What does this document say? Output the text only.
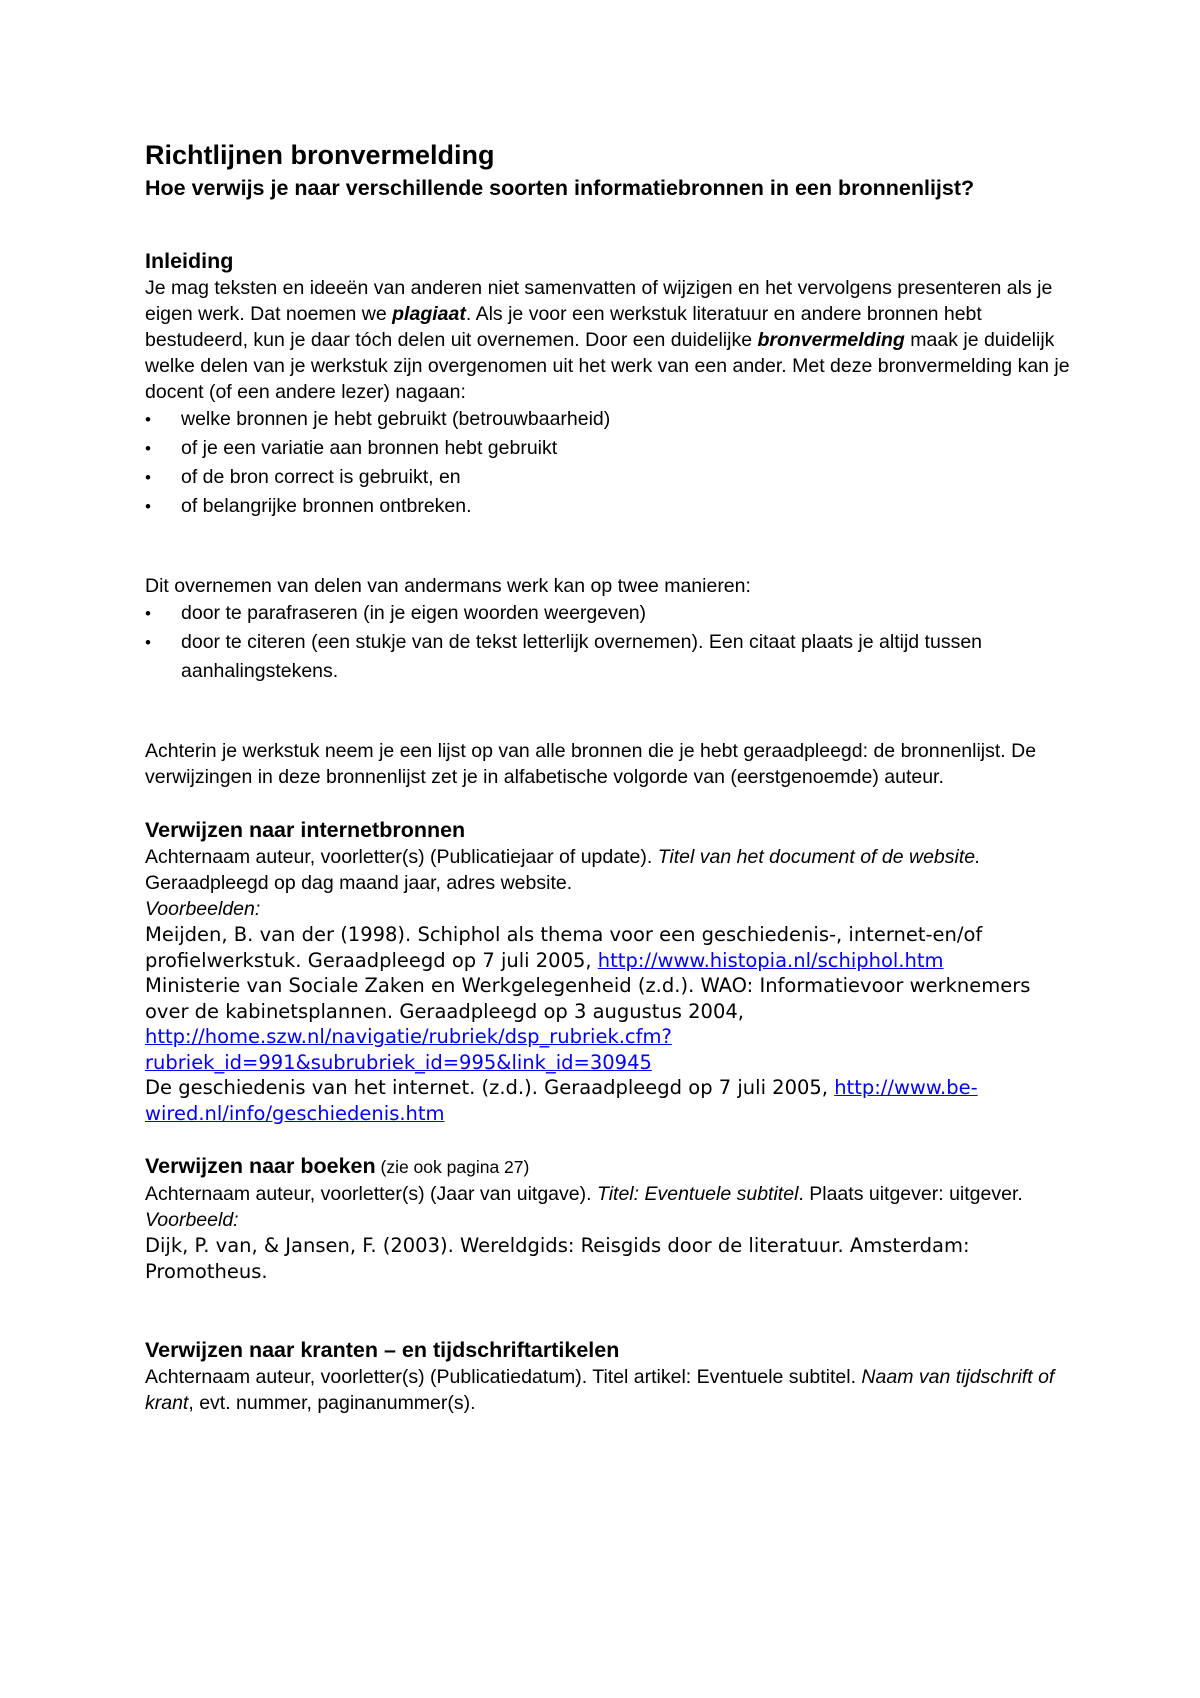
Richtlijnen bronvermelding
Hoe verwijs je naar verschillende soorten informatiebronnen in een bronnenlijst?
Inleiding

Je mag teksten en ideeën van anderen niet samenvatten of wijzigen en het vervolgens presenteren als je eigen werk. Dat noemen we plagiaat. Als je voor een werkstuk literatuur en andere bronnen hebt bestudeerd, kun je daar tóch delen uit overnemen. Door een duidelijke bronvermelding maak je duidelijk welke delen van je werkstuk zijn overgenomen uit het werk van een ander. Met deze bronvermelding kan je docent (of een andere lezer) nagaan:

• welke bronnen je hebt gebruikt (betrouwbaarheid)
• of je een variatie aan bronnen hebt gebruikt
• of de bron correct is gebruikt, en
• of belangrijke bronnen ontbreken.

Dit overnemen van delen van andermans werk kan op twee manieren:

• door te parafraseren (in je eigen woorden weergeven)
• door te citeren (een stukje van de tekst letterlijk overnemen). Een citaat plaats je altijd tussen aanhalingstekens.

Achterin je werkstuk neem je een lijst op van alle bronnen die je hebt geraadpleegd: de bronnenlijst. De verwijzingen in deze bronnenlijst zet je in alfabetische volgorde van (eerstgenoemde) auteur.

Verwijzen naar internetbronnen

Achternaam auteur, voorletter(s) (Publicatiejaar of update). Titel van het document of de website. Geraadpleegd op dag maand jaar, adres website.

Voorbeelden:

Meijden, B. van der (1998). Schiphol als thema voor een geschiedenis-, internet-en/of profielwerkstuk. Geraadpleegd op 7 juli 2005, http://www.histopia.nl/schiphol.htm
Ministerie van Sociale Zaken en Werkgelegenheid (z.d.). WAO: Informatievoor werknemers over de kabinetsplannen. Geraadpleegd op 3 augustus 2004, http://home.szw.nl/navigatie/rubriek/dsp_rubriek.cfm?
rubriek_id=991&subrubriek_id=995&link_id=30945
De geschiedenis van het internet. (z.d.). Geraadpleegd op 7 juli 2005, http://www.be-wired.nl/info/geschiedenis.htm
Verwijzen naar boeken (zie ook pagina 27)

Achternaam auteur, voorletter(s) (Jaar van uitgave). Titel: Eventuele subtitel. Plaats uitgever: uitgever.

Voorbeeld:

Dijk, P. van, & Jansen, F. (2003). Wereldgids: Reisgids door de literatuur. Amsterdam: Promotheus.
Verwijzen naar kranten – en tijdschriftartikelen

Achternaam auteur, voorletter(s) (Publicatiedatum). Titel artikel: Eventuele subtitel. Naam van tijdschrift of krant, evt. nummer, paginanummer(s).
